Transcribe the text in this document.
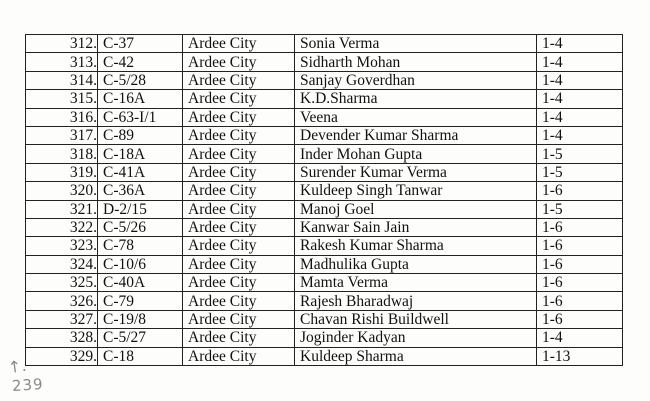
312.	C-37	Ardee City	Sonia Verma	1-4
313.	C-42	Ardee City	Sidharth Mohan	1-4
314.	C-5/28	Ardee City	Sanjay Goverdhan	1-4
315.	C-16A	Ardee City	K.D.Sharma	1-4
316.	C-63-I/1	Ardee City	Veena	1-4
317.	C-89	Ardee City	Devender Kumar Sharma	1-4
318.	C-18A	Ardee City	Inder Mohan Gupta	1-5
319.	C-41A	Ardee City	Surender Kumar Verma	1-5
320.	C-36A	Ardee City	Kuldeep Singh Tanwar	1-6
321.	D-2/15	Ardee City	Manoj Goel	1-5
322.	C-5/26	Ardee City	Kanwar Sain Jain	1-6
323.	C-78	Ardee City	Rakesh Kumar Sharma	1-6
324.	C-10/6	Ardee City	Madhulika Gupta	1-6
325.	C-40A	Ardee City	Mamta Verma	1-6
326.	C-79	Ardee City	Rajesh Bharadwaj	1-6
327.	C-19/8	Ardee City	Chavan Rishi Buildwell	1-6
328.	C-5/27	Ardee City	Joginder Kadyan	1-4
329.	C-18	Ardee City	Kuldeep Sharma	1-13
↑.
239
